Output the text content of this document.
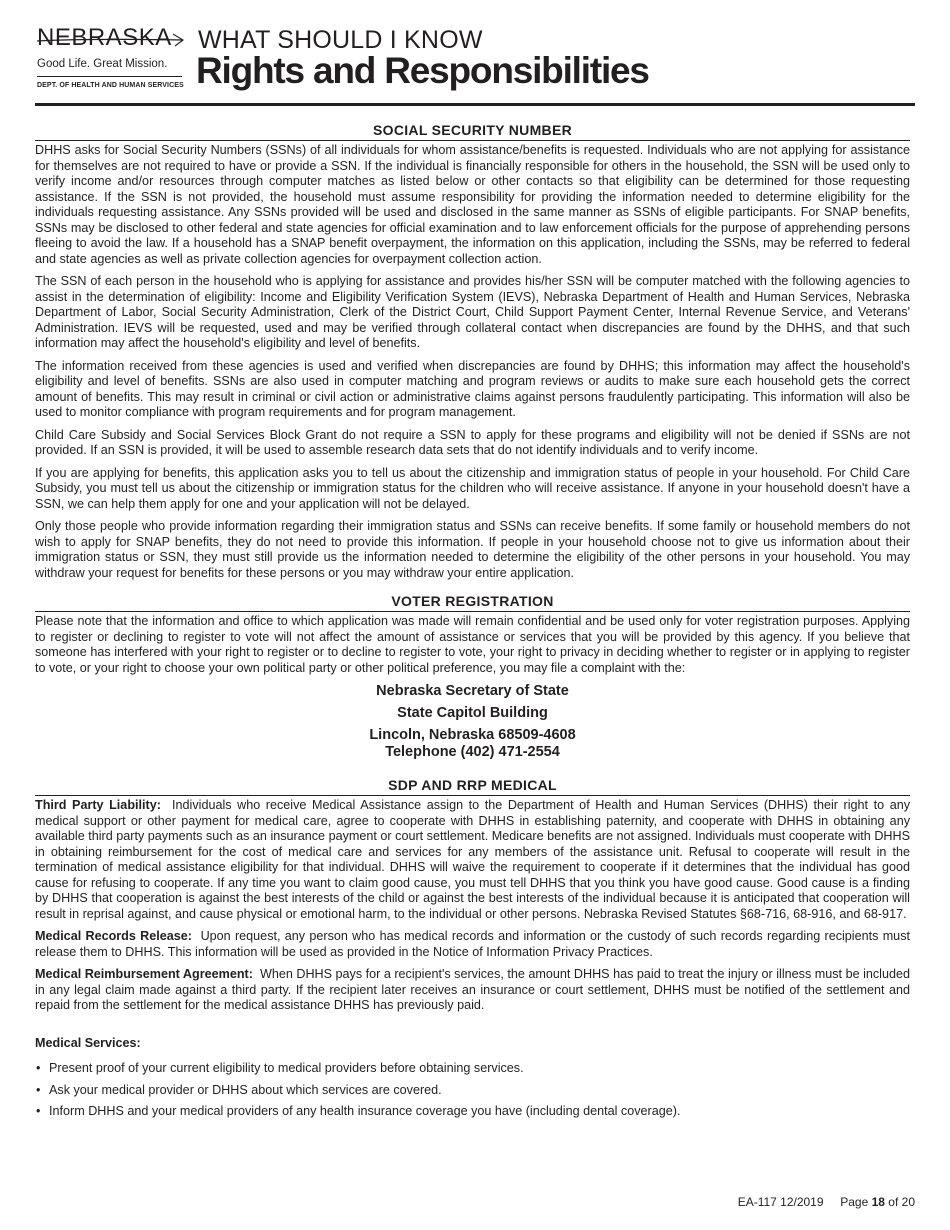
NEBRASKA
Good Life. Great Mission.
DEPT. OF HEALTH AND HUMAN SERVICES
WHAT SHOULD I KNOW
Rights and Responsibilities
SOCIAL SECURITY NUMBER

DHHS asks for Social Security Numbers (SSNs) of all individuals for whom assistance/benefits is requested. Individuals who are not applying for assistance for themselves are not required to have or provide a SSN. If the individual is financially responsible for others in the household, the SSN will be used only to verify income and/or resources through computer matches as listed below or other contacts so that eligibility can be determined for those requesting assistance. If the SSN is not provided, the household must assume responsibility for providing the information needed to determine eligibility for the individuals requesting assistance. Any SSNs provided will be used and disclosed in the same manner as SSNs of eligible participants. For SNAP benefits, SSNs may be disclosed to other federal and state agencies for official examination and to law enforcement officials for the purpose of apprehending persons fleeing to avoid the law. If a household has a SNAP benefit overpayment, the information on this application, including the SSNs, may be referred to federal and state agencies as well as private collection agencies for overpayment collection action.

The SSN of each person in the household who is applying for assistance and provides his/her SSN will be computer matched with the following agencies to assist in the determination of eligibility: Income and Eligibility Verification System (IEVS), Nebraska Department of Health and Human Services, Nebraska Department of Labor, Social Security Administration, Clerk of the District Court, Child Support Payment Center, Internal Revenue Service, and Veterans' Administration. IEVS will be requested, used and may be verified through collateral contact when discrepancies are found by the DHHS, and that such information may affect the household's eligibility and level of benefits.

The information received from these agencies is used and verified when discrepancies are found by DHHS; this information may affect the household's eligibility and level of benefits. SSNs are also used in computer matching and program reviews or audits to make sure each household gets the correct amount of benefits. This may result in criminal or civil action or administrative claims against persons fraudulently participating. This information will also be used to monitor compliance with program requirements and for program management.

Child Care Subsidy and Social Services Block Grant do not require a SSN to apply for these programs and eligibility will not be denied if SSNs are not provided. If an SSN is provided, it will be used to assemble research data sets that do not identify individuals and to verify income.

If you are applying for benefits, this application asks you to tell us about the citizenship and immigration status of people in your household. For Child Care Subsidy, you must tell us about the citizenship or immigration status for the children who will receive assistance. If anyone in your household doesn't have a SSN, we can help them apply for one and your application will not be delayed.

Only those people who provide information regarding their immigration status and SSNs can receive benefits. If some family or household members do not wish to apply for SNAP benefits, they do not need to provide this information. If people in your household choose not to give us information about their immigration status or SSN, they must still provide us the information needed to determine the eligibility of the other persons in your household. You may withdraw your request for benefits for these persons or you may withdraw your entire application.

VOTER REGISTRATION

Please note that the information and office to which application was made will remain confidential and be used only for voter registration purposes. Applying to register or declining to register to vote will not affect the amount of assistance or services that you will be provided by this agency. If you believe that someone has interfered with your right to register or to decline to register to vote, your right to privacy in deciding whether to register or in applying to register to vote, or your right to choose your own political party or other political preference, you may file a complaint with the:

Nebraska Secretary of State
State Capitol Building
Lincoln, Nebraska 68509-4608
Telephone (402) 471-2554
SDP AND RRP MEDICAL

Third Party Liability: Individuals who receive Medical Assistance assign to the Department of Health and Human Services (DHHS) their right to any medical support or other payment for medical care, agree to cooperate with DHHS in establishing paternity, and cooperate with DHHS in obtaining any available third party payments such as an insurance payment or court settlement. Medicare benefits are not assigned. Individuals must cooperate with DHHS in obtaining reimbursement for the cost of medical care and services for any members of the assistance unit. Refusal to cooperate will result in the termination of medical assistance eligibility for that individual. DHHS will waive the requirement to cooperate if it determines that the individual has good cause for refusing to cooperate. If any time you want to claim good cause, you must tell DHHS that you think you have good cause. Good cause is a finding by DHHS that cooperation is against the best interests of the child or against the best interests of the individual because it is anticipated that cooperation will result in reprisal against, and cause physical or emotional harm, to the individual or other persons. Nebraska Revised Statutes §68-716, 68-916, and 68-917.

Medical Records Release: Upon request, any person who has medical records and information or the custody of such records regarding recipients must release them to DHHS. This information will be used as provided in the Notice of Information Privacy Practices.

Medical Reimbursement Agreement: When DHHS pays for a recipient's services, the amount DHHS has paid to treat the injury or illness must be included in any legal claim made against a third party. If the recipient later receives an insurance or court settlement, DHHS must be notified of the settlement and repaid from the settlement for the medical assistance DHHS has previously paid.

Medical Services:
• Present proof of your current eligibility to medical providers before obtaining services.
• Ask your medical provider or DHHS about which services are covered.
• Inform DHHS and your medical providers of any health insurance coverage you have (including dental coverage).
EA-117 12/2019 Page 18 of 20
